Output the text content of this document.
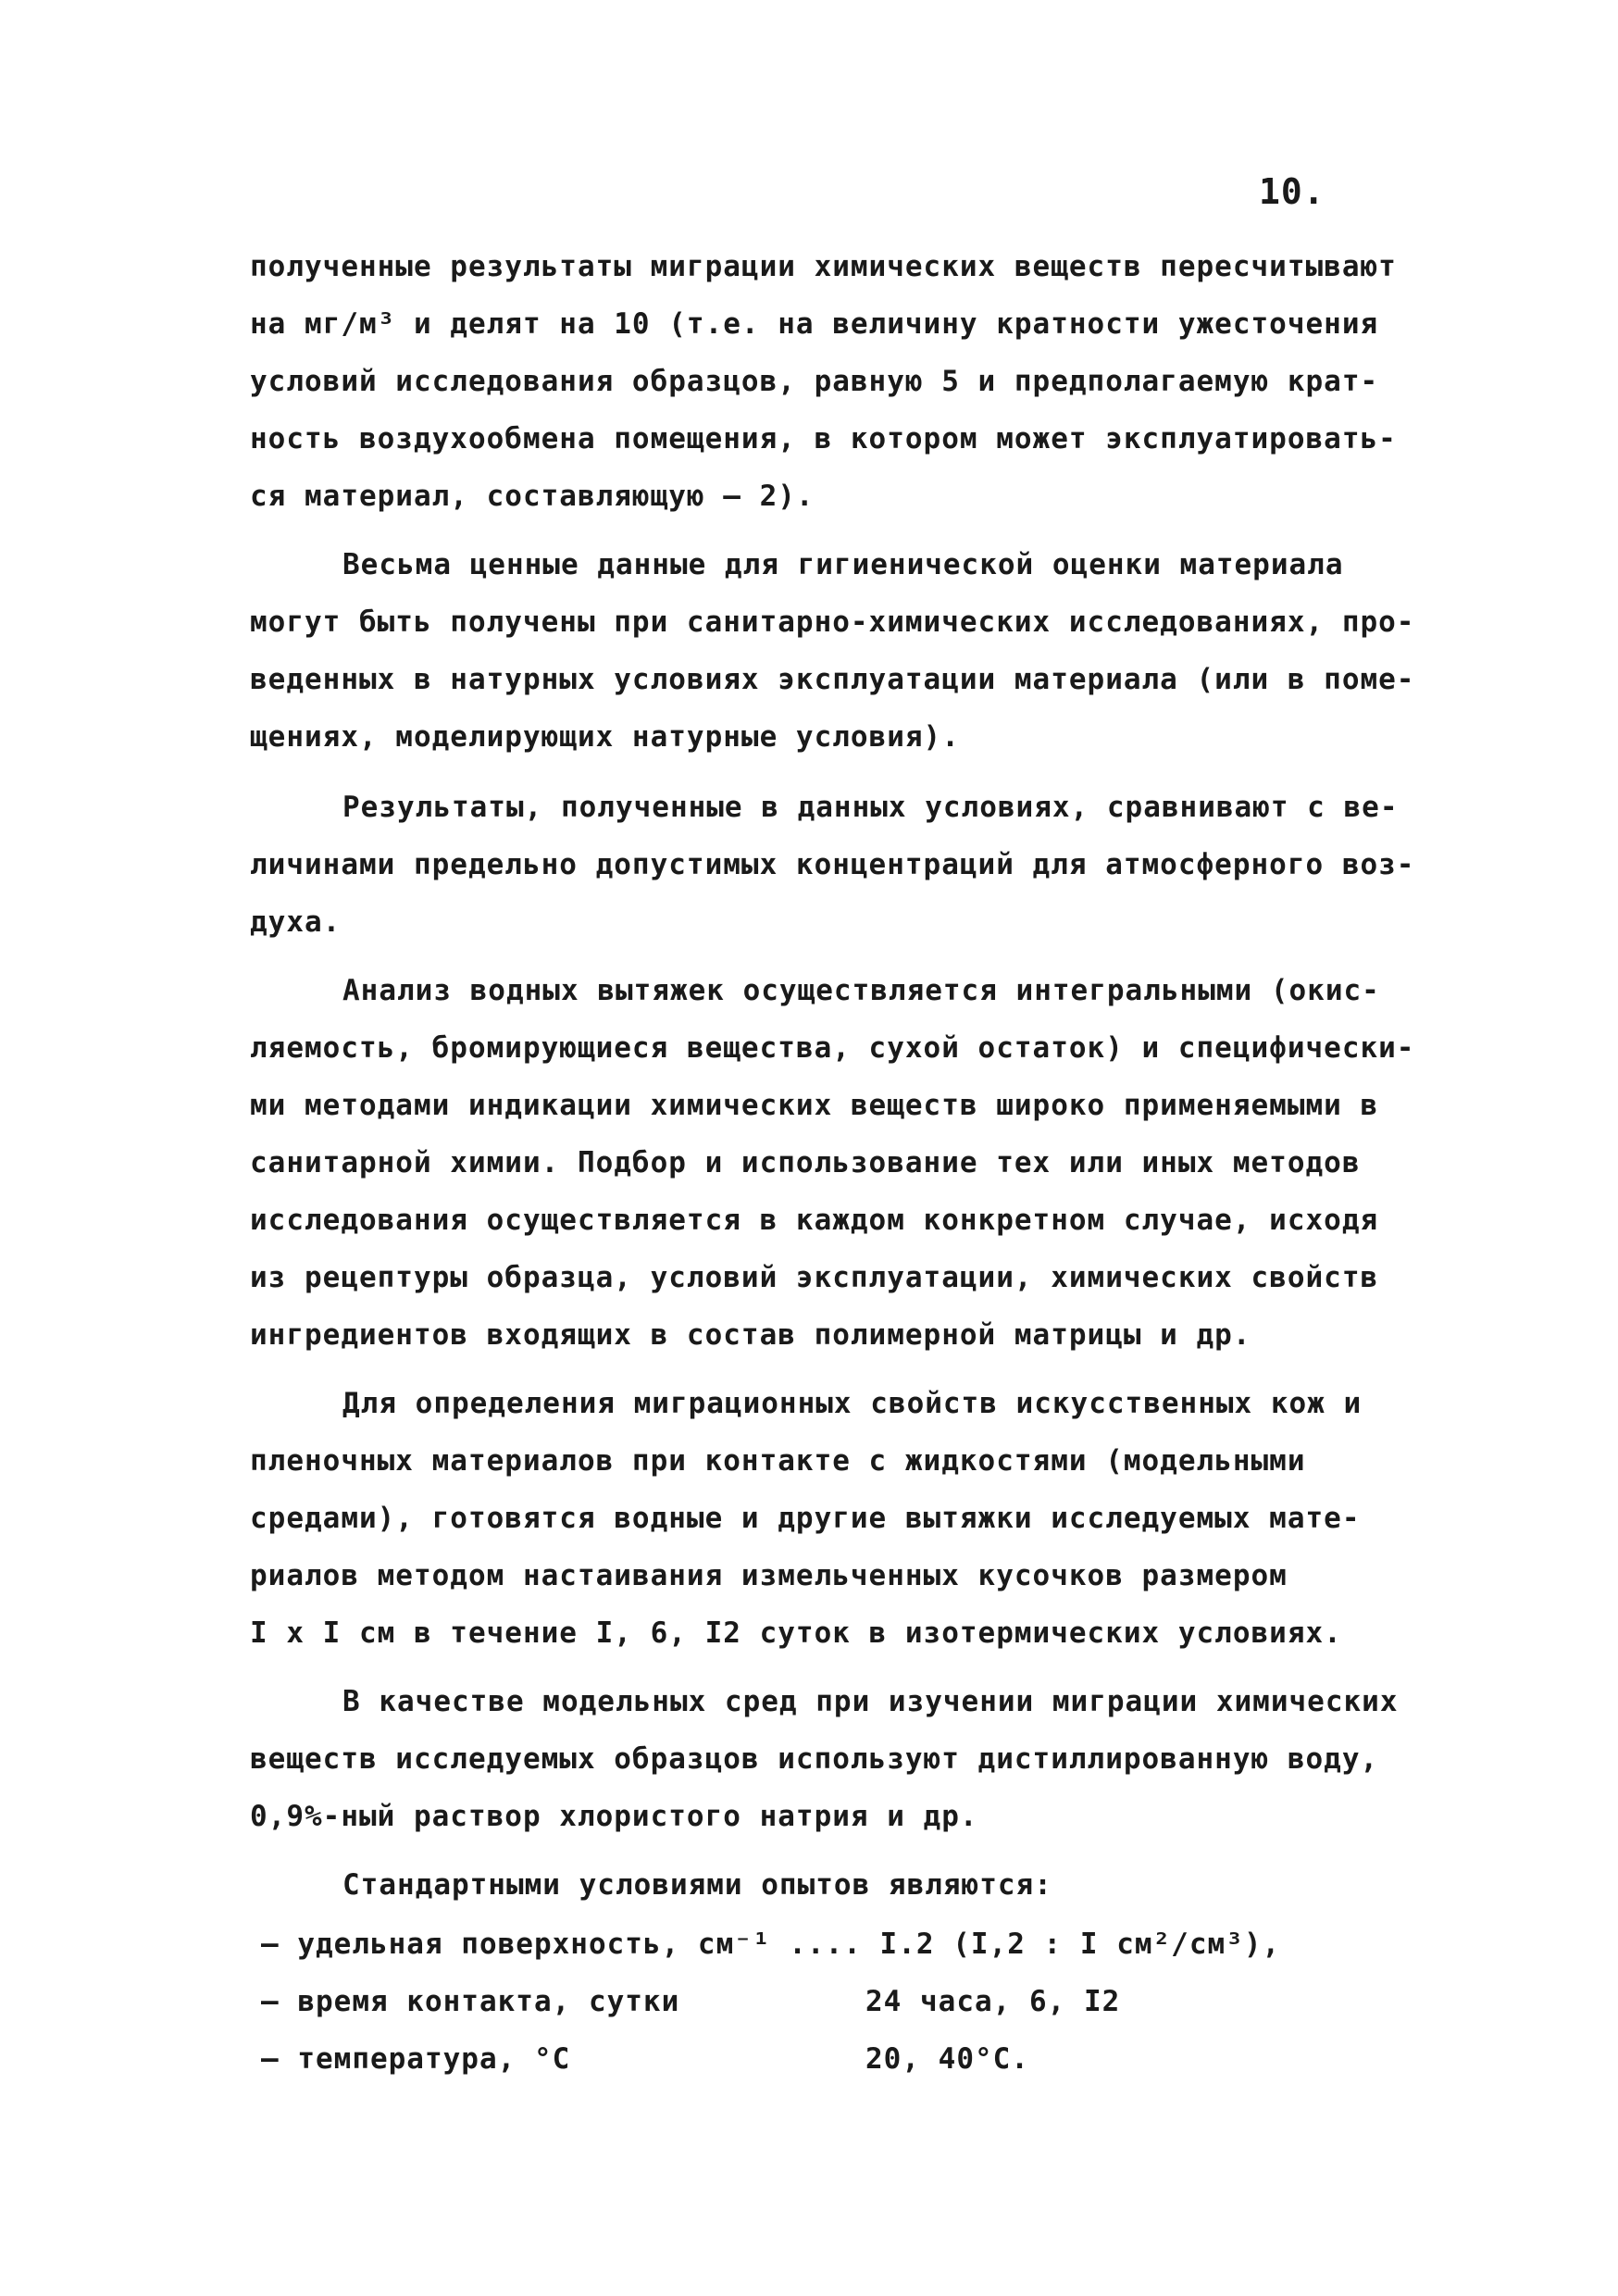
10.
полученные результаты миграции химических веществ пересчитывают
на мг/м³ и делят на 10 (т.е. на величину кратности ужесточения
условий исследования образцов, равную 5 и предполагаемую крат-
ность воздухообмена помещения, в котором может эксплуатировать-
ся материал, составляющую – 2).
Весьма ценные данные для гигиенической оценки материала
могут быть получены при санитарно-химических исследованиях, про-
веденных в натурных условиях эксплуатации материала (или в поме-
щениях, моделирующих натурные условия).
Результаты, полученные в данных условиях, сравнивают с ве-
личинами предельно допустимых концентраций для атмосферного воз-
духа.
Анализ водных вытяжек осуществляется интегральными (окис-
ляемость, бромирующиеся вещества, сухой остаток) и специфически-
ми методами индикации химических веществ широко применяемыми в
санитарной химии. Подбор и использование тех или иных методов
исследования осуществляется в каждом конкретном случае, исходя
из рецептуры образца, условий эксплуатации, химических свойств
ингредиентов входящих в состав полимерной матрицы и др.
Для определения миграционных свойств искусственных кож и
пленочных материалов при контакте с жидкостями (модельными
средами), готовятся водные и другие вытяжки исследуемых мате-
риалов методом настаивания измельченных кусочков размером
I x I см в течение I, 6, I2 суток в изотермических условиях.
В качестве модельных сред при изучении миграции химических
веществ исследуемых образцов используют дистиллированную воду,
0,9%-ный раствор хлористого натрия и др.
Стандартными условиями опытов являются:
– удельная поверхность, см⁻¹ .... I.2 (I,2 : I см²/см³),
– время контакта, сутки	24 часа, 6, I2
– температура, °С	20, 40°С.
